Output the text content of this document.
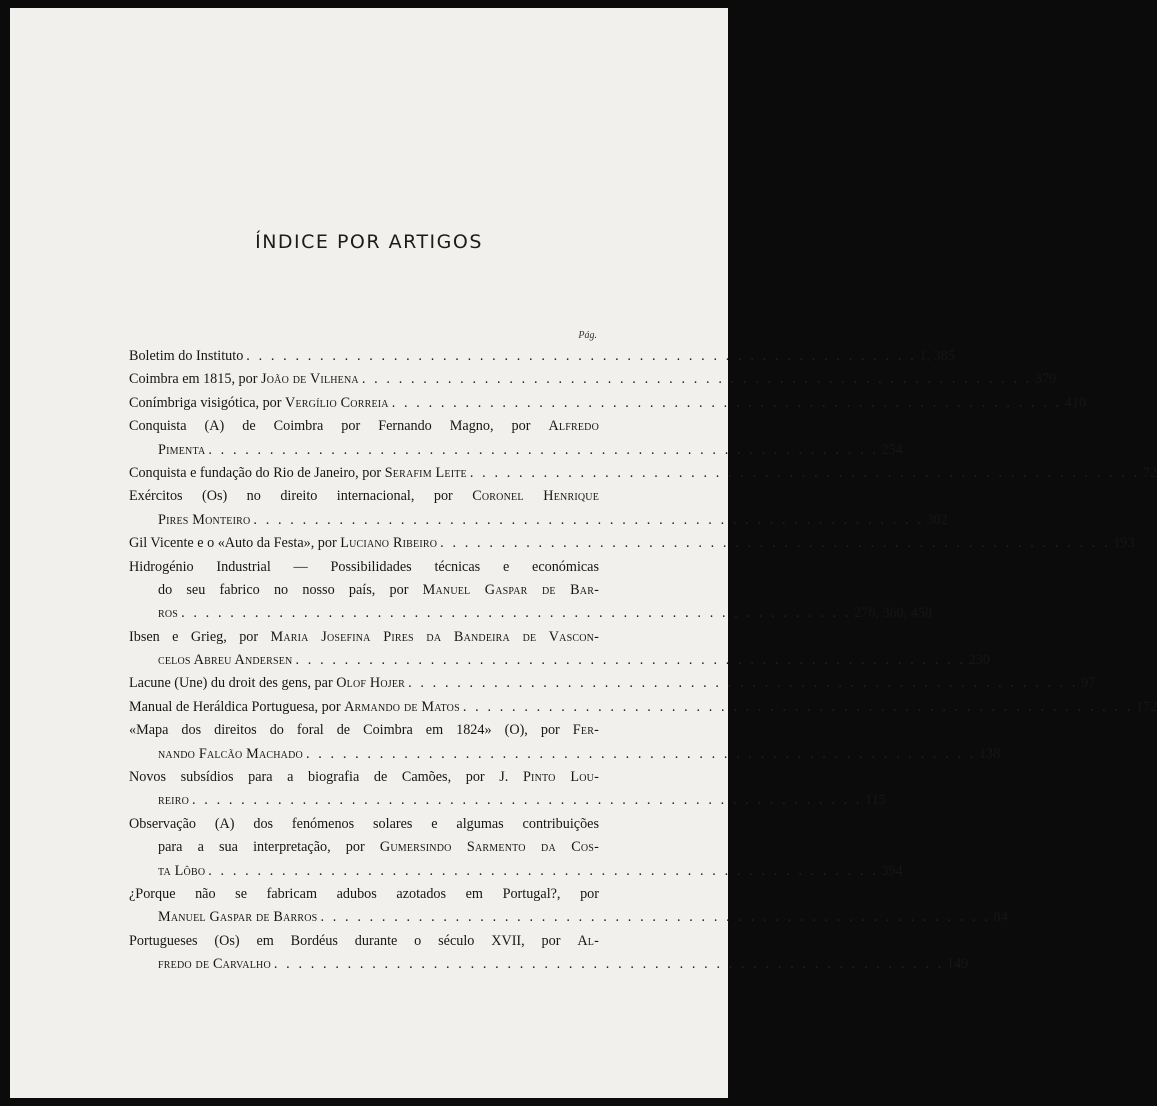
ÍNDICE POR ARTIGOS
Pág.
Boletim do Instituto . . .	1, 385
Coimbra em 1815, por João de Vilhena . . .	379
Conímbriga visigótica, por Vergílio Correia . . .	410
Conquista (A) de Coimbra por Fernando Magno, por Alfredo
Pimenta . . .	254
Conquista e fundação do Rio de Janeiro, por Serafim Leite . . .	72
Exércitos (Os) no direito internacional, por Coronel Henrique
Pires Monteiro . . .	302
Gil Vicente e o «Auto da Festa», por Luciano Ribeiro . . .	193
Hidrogénio Industrial — Possibilidades técnicas e económicas
do seu fabrico no nosso país, por Manuel Gaspar de Bar-
ros . . .	276, 360, 458
Ibsen e Grieg, por Maria Josefina Pires da Bandeira de Vascon-
celos Abreu Andersen . . .	230
Lacune (Une) du droit des gens, par Olof Hojer . . .	97
Manual de Heráldica Portuguesa, por Armando de Matos . . .	172
«Mapa dos direitos do foral de Coimbra em 1824» (O), por Fer-
nando Falcão Machado . . .	138
Novos subsídios para a biografia de Camões, por J. Pinto Lou-
reiro . . .	115
Observação (A) dos fenómenos solares e algumas contribuições
para a sua interpretação, por Gumersindo Sarmento da Cos-
ta Lôbo . . .	394
¿Porque não se fabricam adubos azotados em Portugal?, por
Manuel Gaspar de Barros . . .	84
Portugueses (Os) em Bordéus durante o século XVII, por Al-
fredo de Carvalho . . .	149
